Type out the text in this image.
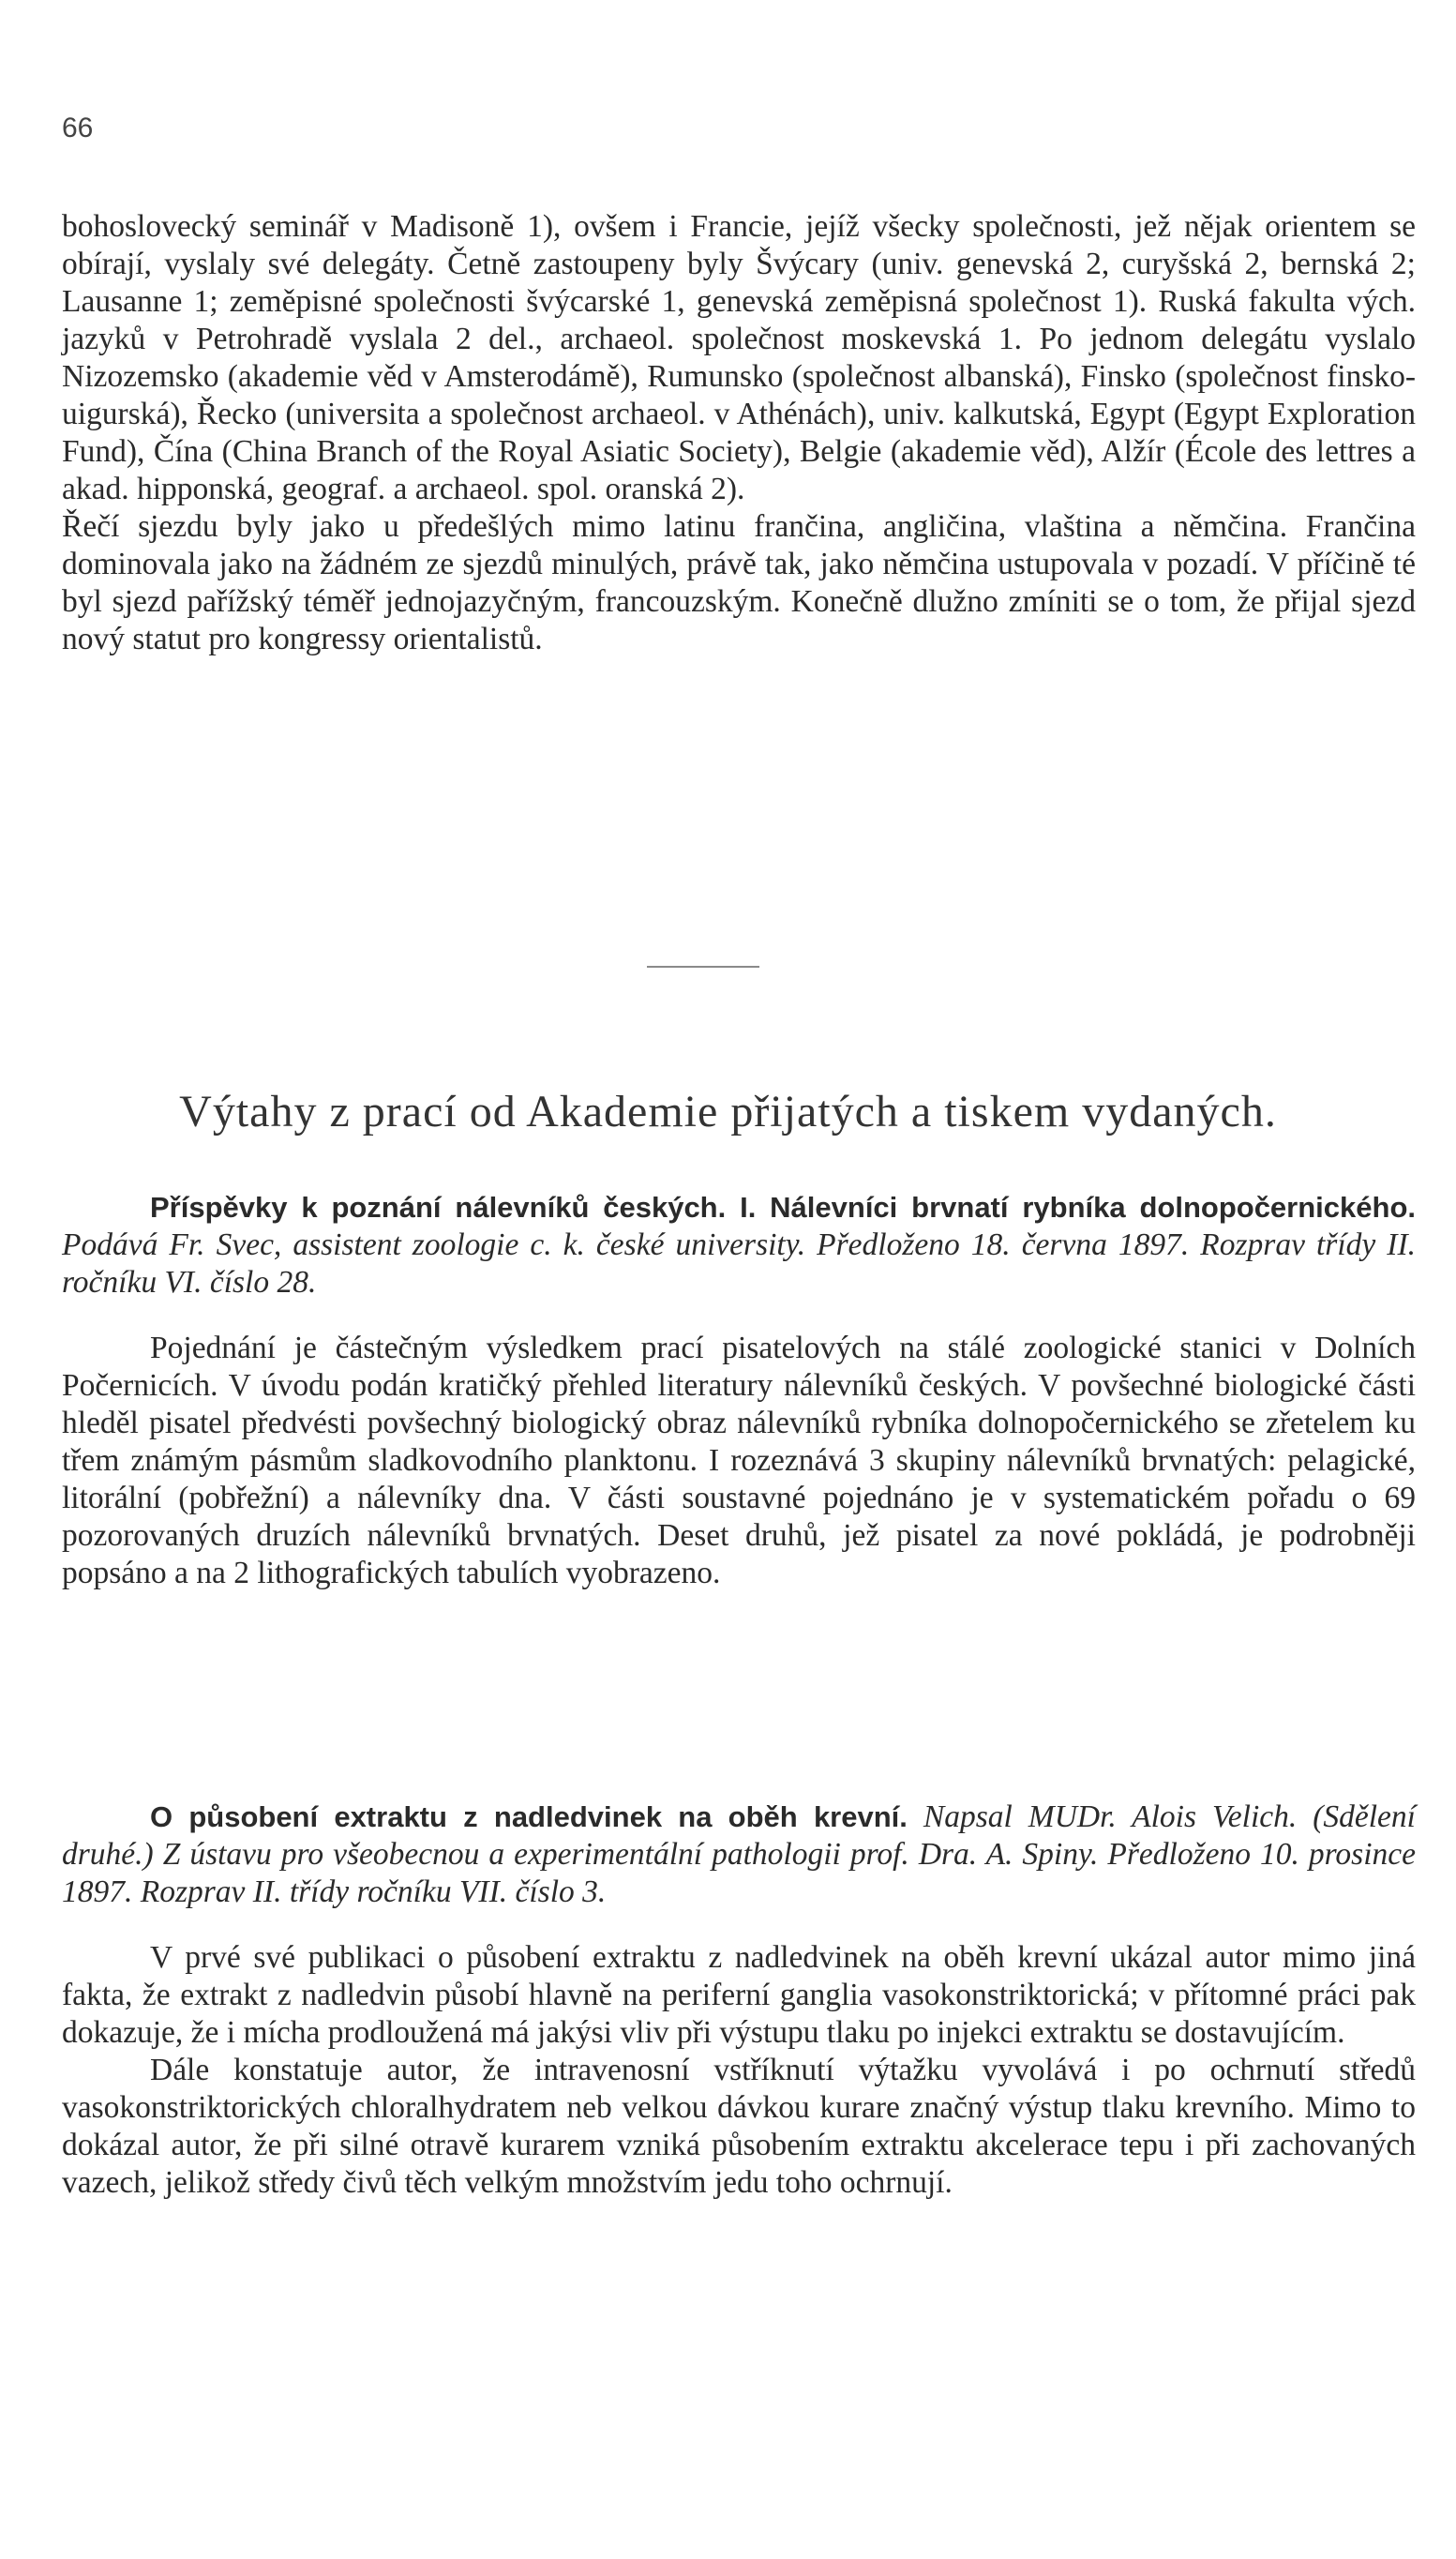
66

bohoslovecký seminář v Madisoně 1), ovšem i Francie, jejíž všecky společnosti, jež nějak orientem se obírají, vyslaly své delegáty. Četně zastoupeny byly Švýcary (univ. genevská 2, curyšská 2, bernská 2; Lausanne 1; zeměpisné společnosti švýcarské 1, genevská zeměpisná společnost 1). Ruská fakulta vých. jazyků v Petrohradě vyslala 2 del., archaeol. společnost moskevská 1. Po jednom delegátu vyslalo Nizozemsko (akademie věd v Amsterodámě), Rumunsko (společnost albanská), Finsko (společnost finsko-uigurská), Řecko (universita a společnost archaeol. v Athénách), univ. kalkutská, Egypt (Egypt Exploration Fund), Čína (China Branch of the Royal Asiatic Society), Belgie (akademie věd), Alžír (École des lettres a akad. hipponská, geograf. a archaeol. spol. oranská 2).

Řečí sjezdu byly jako u předešlých mimo latinu frančina, angličina, vlaština a němčina. Frančina dominovala jako na žádném ze sjezdů minulých, právě tak, jako němčina ustupovala v pozadí. V příčině té byl sjezd pařížský téměř jednojazyčným, francouzským. Konečně dlužno zmíniti se o tom, že přijal sjezd nový statut pro kongressy orientalistů.

Výtahy z prací od Akademie přijatých a tiskem vydaných.

Příspěvky k poznání nálevníků českých. I. Nálevníci brvnatí rybníka dolnopočernického. Podává Fr. Svec, assistent zoologie c. k. české university. Předloženo 18. června 1897. Rozprav třídy II. ročníku VI. číslo 28.

Pojednání je částečným výsledkem prací pisatelových na stálé zoologické stanici v Dolních Počernicích. V úvodu podán kratičký přehled literatury nálevníků českých. V povšechné biologické části hleděl pisatel předvésti povšechný biologický obraz nálevníků rybníka dolnopočernického se zřetelem ku třem známým pásmům sladkovodního planktonu. I rozeznává 3 skupiny nálevníků brvnatých: pelagické, litorální (pobřežní) a nálevníky dna. V části soustavné pojednáno je v systematickém pořadu o 69 pozorovaných druzích nálevníků brvnatých. Deset druhů, jež pisatel za nové pokládá, je podrobněji popsáno a na 2 lithografických tabulích vyobrazeno.

O působení extraktu z nadledvinek na oběh krevní. Napsal MUDr. Alois Velich. (Sdělení druhé.) Z ústavu pro všeobecnou a experimentální pathologii prof. Dra. A. Spiny. Předloženo 10. prosince 1897. Rozprav II. třídy ročníku VII. číslo 3.

V prvé své publikaci o působení extraktu z nadledvinek na oběh krevní ukázal autor mimo jiná fakta, že extrakt z nadledvin působí hlavně na periferní ganglia vasokonstriktorická; v přítomné práci pak dokazuje, že i mícha prodloužená má jakýsi vliv při výstupu tlaku po injekci extraktu se dostavujícím.

Dále konstatuje autor, že intravenosní vstříknutí výtažku vyvolává i po ochrnutí středů vasokonstriktorických chloralhydratem neb velkou dávkou kurare značný výstup tlaku krevního. Mimo to dokázal autor, že při silné otravě kurarem vzniká působením extraktu akcelerace tepu i při zachovaných vazech, jelikož středy čivů těch velkým množstvím jedu toho ochrnují.
